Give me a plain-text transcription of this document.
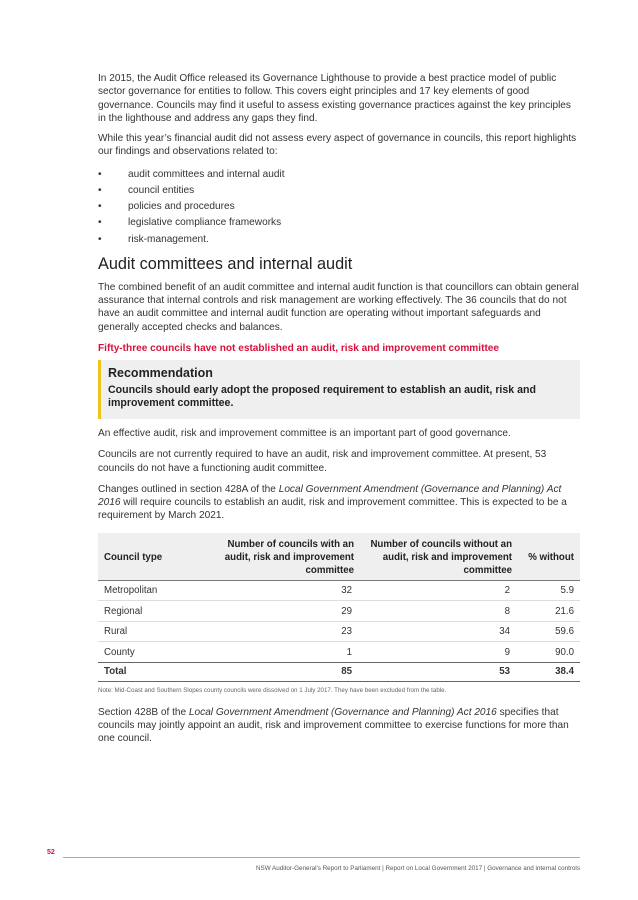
In 2015, the Audit Office released its Governance Lighthouse to provide a best practice model of public sector governance for entities to follow. This covers eight principles and 17 key elements of good governance. Councils may find it useful to assess existing governance practices against the key principles in the lighthouse and address any gaps they find.

While this year’s financial audit did not assess every aspect of governance in councils, this report highlights our findings and observations related to:

•	audit committees and internal audit
•	council entities
•	policies and procedures
•	legislative compliance frameworks
•	risk-management.
Audit committees and internal audit

The combined benefit of an audit committee and internal audit function is that councillors can obtain general assurance that internal controls and risk management are working effectively. The 36 councils that do not have an audit committee and internal audit function are operating without important safeguards and generally accepted checks and balances.

Fifty-three councils have not established an audit, risk and improvement committee
Recommendation
Councils should early adopt the proposed requirement to establish an audit, risk and improvement committee.

An effective audit, risk and improvement committee is an important part of good governance.

Councils are not currently required to have an audit, risk and improvement committee. At present, 53 councils do not have a functioning audit committee.

Changes outlined in section 428A of the Local Government Amendment (Governance and Planning) Act 2016 will require councils to establish an audit, risk and improvement committee. This is expected to be a requirement by March 2021.

Council type	Number of councils with an audit, risk and improvement committee	Number of councils without an audit, risk and improvement committee	% without
Metropolitan	32	2	5.9
Regional	29	8	21.6
Rural	23	34	59.6
County	1	9	90.0
Total	85	53	38.4
Note: Mid-Coast and Southern Slopes county councils were dissolved on 1 July 2017. They have been excluded from the table.

Section 428B of the Local Government Amendment (Governance and Planning) Act 2016 specifies that councils may jointly appoint an audit, risk and improvement committee to exercise functions for more than one council.

52
NSW Auditor-General's Report to Parliament | Report on Local Government 2017 | Governance and internal controls
